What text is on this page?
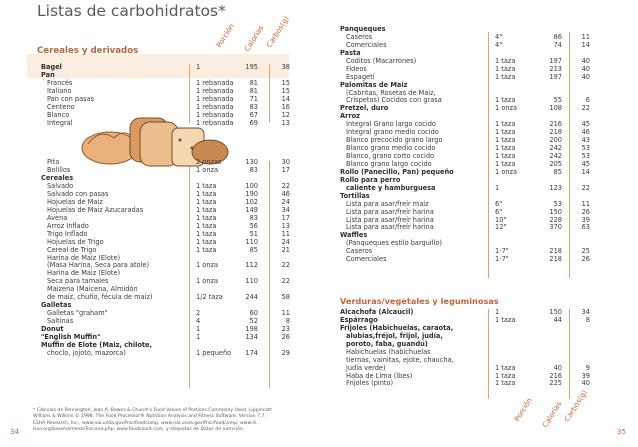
Listas de carbohidratos*
Cereales y derivados
Porción Calorías Carbos(g)
Bagel	1	195	38
Pan
Francés	1 rebanada	81	15
Italiano	1 rebanada	81	15
Pan con pasas	1 rebanada	71	14
Centeno	1 rebanada	83	16
Blanco	1 rebanada	67	12
Integral	1 rebanada	69	13
Pita	2 onzas	130	30
Bolillos	1 onza	83	17
Cereales
Salvado	1 taza	100	22
Salvado con pasas	1 taza	190	46
Hojuelas de Maiz	1 taza	102	24
Hojuelas de Maiz Azucaradas	1 taza	149	34
Avena	1 taza	83	17
Arroz Inflado	1 taza	56	13
Trigo Inflado	1 taza	51	11
Hojuelas de Trigo	1 taza	110	24
Cereal de Trigo	1 taza	85	21
Harina de Maiz (Elote)
(Masa Harina, Seca para atole)	1 onza	112	22
Harina de Maiz (Elote)
Seca para tamales	1 onza	110	22
Maizena (Maicena, Almidón
de maíz, chuño, fécula de maiz)	1/2 taza	244	58
Galletas
Galletas "graham"	2	60	11
Saltinas	4	52	8
Donut	1	198	23
"English Muffin"	1	134	26
Muffin de Elote (Maiz, chilote,
choclo, jojoto, mazorca)	1 pequeño	174	29
* Cálculos de Pennington, Jean A. Bowes & Church's Food Values of Portions Commonly Used. Lippincott Willians & Wilkins © 1998. The Food Processor® Nutrition Analysis and Fitness Software. Version 7.7. ESHA Research, Inc., www.nal.usda.gov/fnic/foodcomp, www.nal.usda.gov/fnic/foodcomp; www.hi. lsso.org/base/alimentoToscana.php, www.foodcount.com, y etiquetas de Datos de nutrición.
34
Panqueques
Caseros	4"	86	11
Comerciales	4"	74	14
Pasta
Coditos (Macarrones)	1 taza	197	40
Fideos	1 taza	213	40
Espageti	1 taza	197	40
Palomitas de Maiz
(Cabritas, Rosetas de Maiz,
Crispetas) Cocidos con grasa	1 taza	55	6
Pretzel, duro	1 onza	108	22
Arroz
Integral Grano largo cocido	1 taza	216	45
Integral grano medio cocido	1 taza	218	46
Blanco precocido grano largo	1 taza	200	43
Blanco grano medio cocido	1 taza	242	53
Blanco, grano corto cocido	1 taza	242	53
Blanco grano largo cocido	1 taza	205	45
Rollo (Panecillo, Pan) pequeño	1 onza	85	14
Rollo para perro
caliente y hamburguesa	1	123	22
Tortillas
Lista para asar/freír maiz	6"	53	11
Lista para asar/freír harina	6"	150	26
Lista para asar/freír harina	10"	228	39
Lista para asar/freír harina	12"	370	63
Waffles
(Panqueques estilo barquillo)
Caseros	1-7"	218	25
Comerciales	1-7"	218	26
Verduras/vegetales y leguminosas
Alcachofa (Alcaucil)	1	150	34
Espárrago	1 taza	44	8
Frijoles (Habichuelas, caraota,
alubias,fréjol, frijol, judía,
poroto, faba, guandú)
Habichuelas (habichuelas
tiernas, vainitas, ejote, chaucha,
judía verde)	1 taza	40	9
Haba de Lima (lbes)	1 taza	216	39
Frijoles (pinto)	1 taza	225	40
Porción Calorías Carbos(g)
35
